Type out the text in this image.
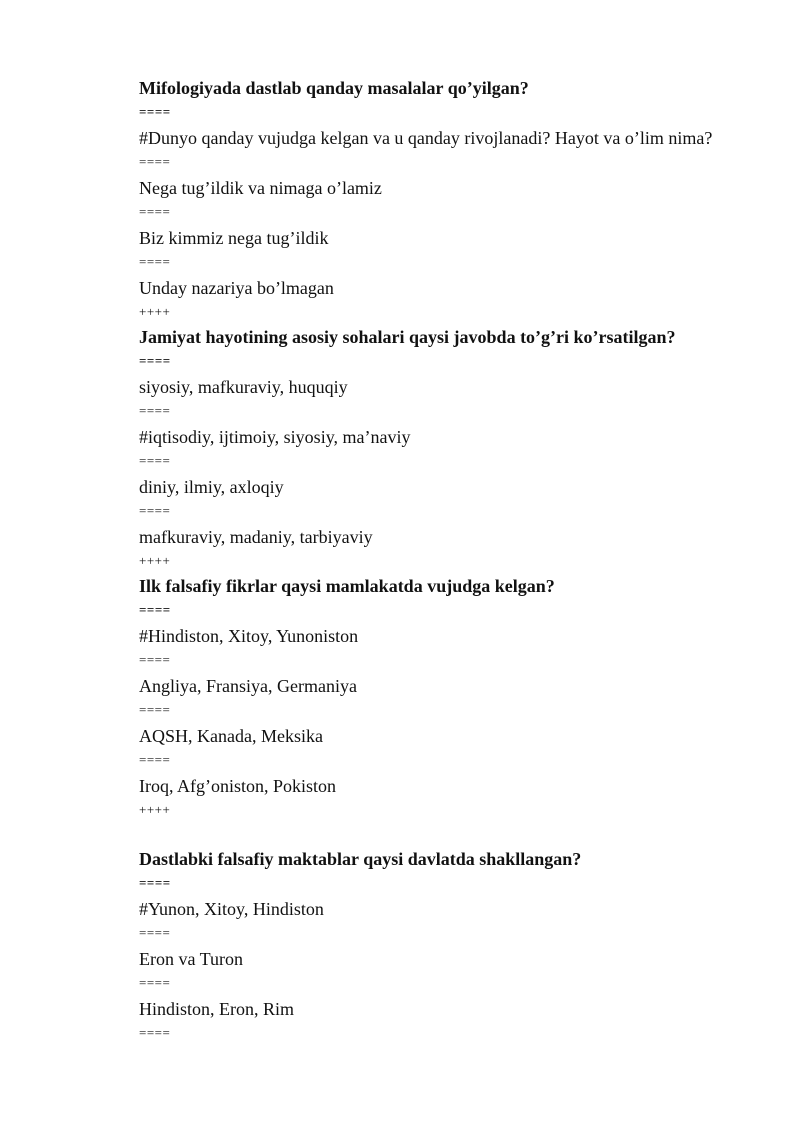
Mifologiyada dastlab qanday masalalar qo’yilgan?
====
#Dunyo qanday vujudga kelgan va u qanday rivojlanadi? Hayot va o’lim nima?
====
Nega tug’ildik va nimaga o’lamiz
====
Biz kimmiz nega tug’ildik
====
Unday nazariya bo’lmagan
++++
Jamiyat hayotining asosiy sohalari qaysi javobda to’g’ri ko’rsatilgan?
====
siyosiy, mafkuraviy, huquqiy
====
#iqtisodiy, ijtimoiy, siyosiy, ma’naviy
====
diniy, ilmiy, axloqiy
====
mafkuraviy, madaniy, tarbiyaviy
++++
Ilk falsafiy fikrlar qaysi mamlakatda vujudga kelgan?
====
#Hindiston, Xitoy, Yunoniston
====
Angliya, Fransiya, Germaniya
====
AQSH, Kanada, Meksika
====
Iroq, Afg’oniston, Pokiston
++++
Dastlabki falsafiy maktablar qaysi davlatda shakllangan?
====
#Yunon, Xitoy, Hindiston
====
Eron va Turon
====
Hindiston, Eron, Rim
====
